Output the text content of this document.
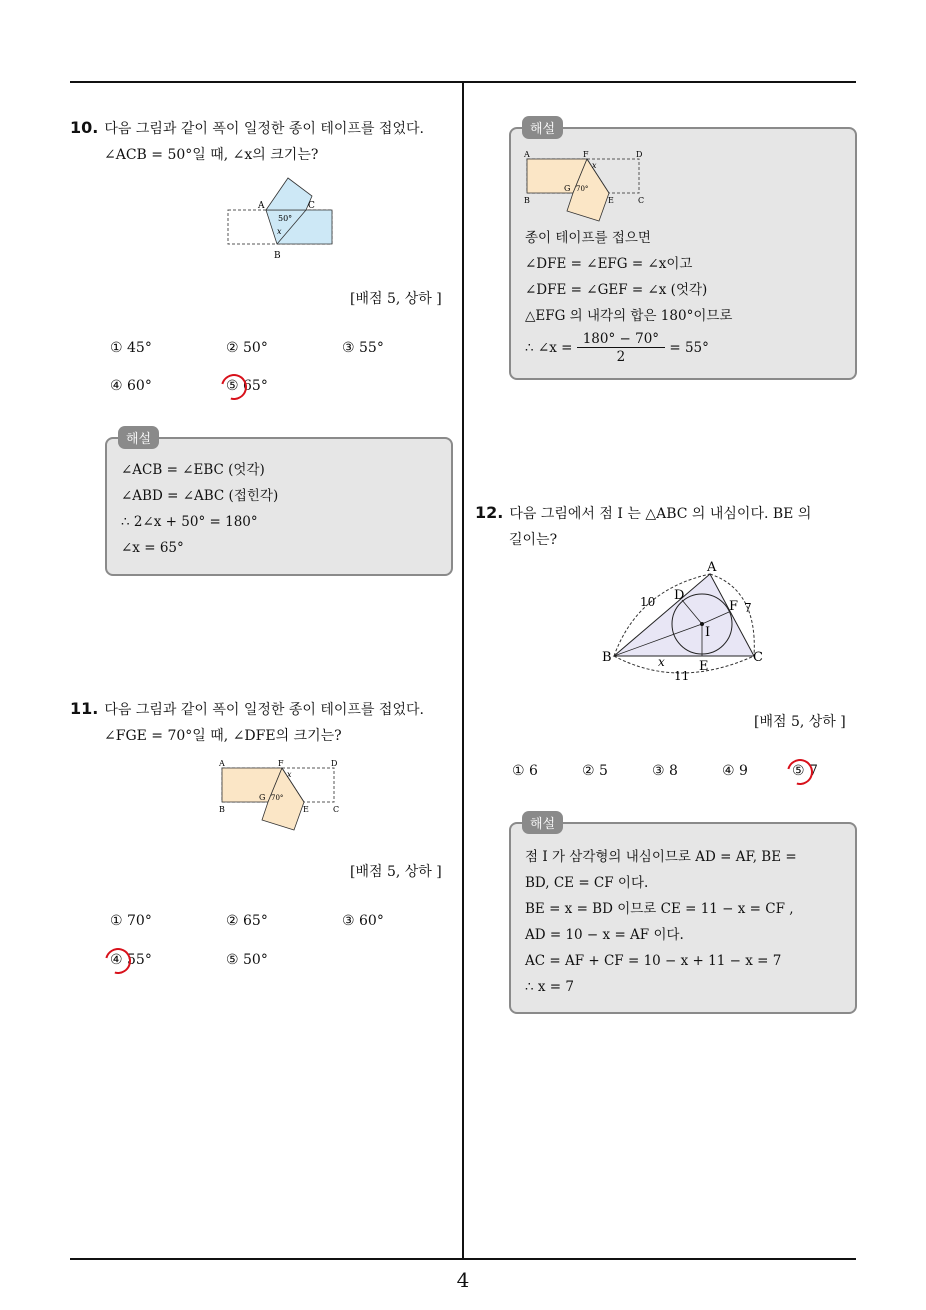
10. 다음 그림과 같이 폭이 일정한 종이 테이프를 접었다.
∠ACB = 50°일 때, ∠x의 크기는?
A	C
B
50°
x
[배점 5, 상하 ]
① 45°	② 50°	③ 55°
④ 60°	⑤ 65°
∠ACB = ∠EBC (엇각)
∠ABD = ∠ABC (접힌각)
∴ 2∠x + 50° = 180°
∠x = 65°
해설
11. 다음 그림과 같이 폭이 일정한 종이 테이프를 접었다.
∠FGE = 70°일 때, ∠DFE의 크기는?
A	F	D
B	E	C
G 70°
x
[배점 5, 상하 ]
① 70°	② 65°	③ 60°
④ 55°	⑤ 50°
A	F	D
B	E	C
G 70°
x
종이 테이프를 접으면
∠DFE = ∠EFG = ∠x이고
∠DFE = ∠GEF = ∠x (엇각)
△EFG 의 내각의 합은 180°이므로
∴ ∠x = $\frac{180^\circ - 70^\circ}{2} = 55^\circ$
해설
12. 다음 그림에서 점 I 는 △ABC 의 내심이다. BE 의
길이는?
A
B	C
D
E
F
I
10	7
11
x
[배점 5, 상하 ]
① 6	② 5	③ 8	④ 9	⑤ 7
점 I 가 삼각형의 내심이므로 AD = AF, BE =
BD, CE = CF 이다.
BE = x = BD 이므로 CE = 11 − x = CF ,
AD = 10 − x = AF 이다.
AC = AF + CF = 10 − x + 11 − x = 7
∴ x = 7
해설
4
